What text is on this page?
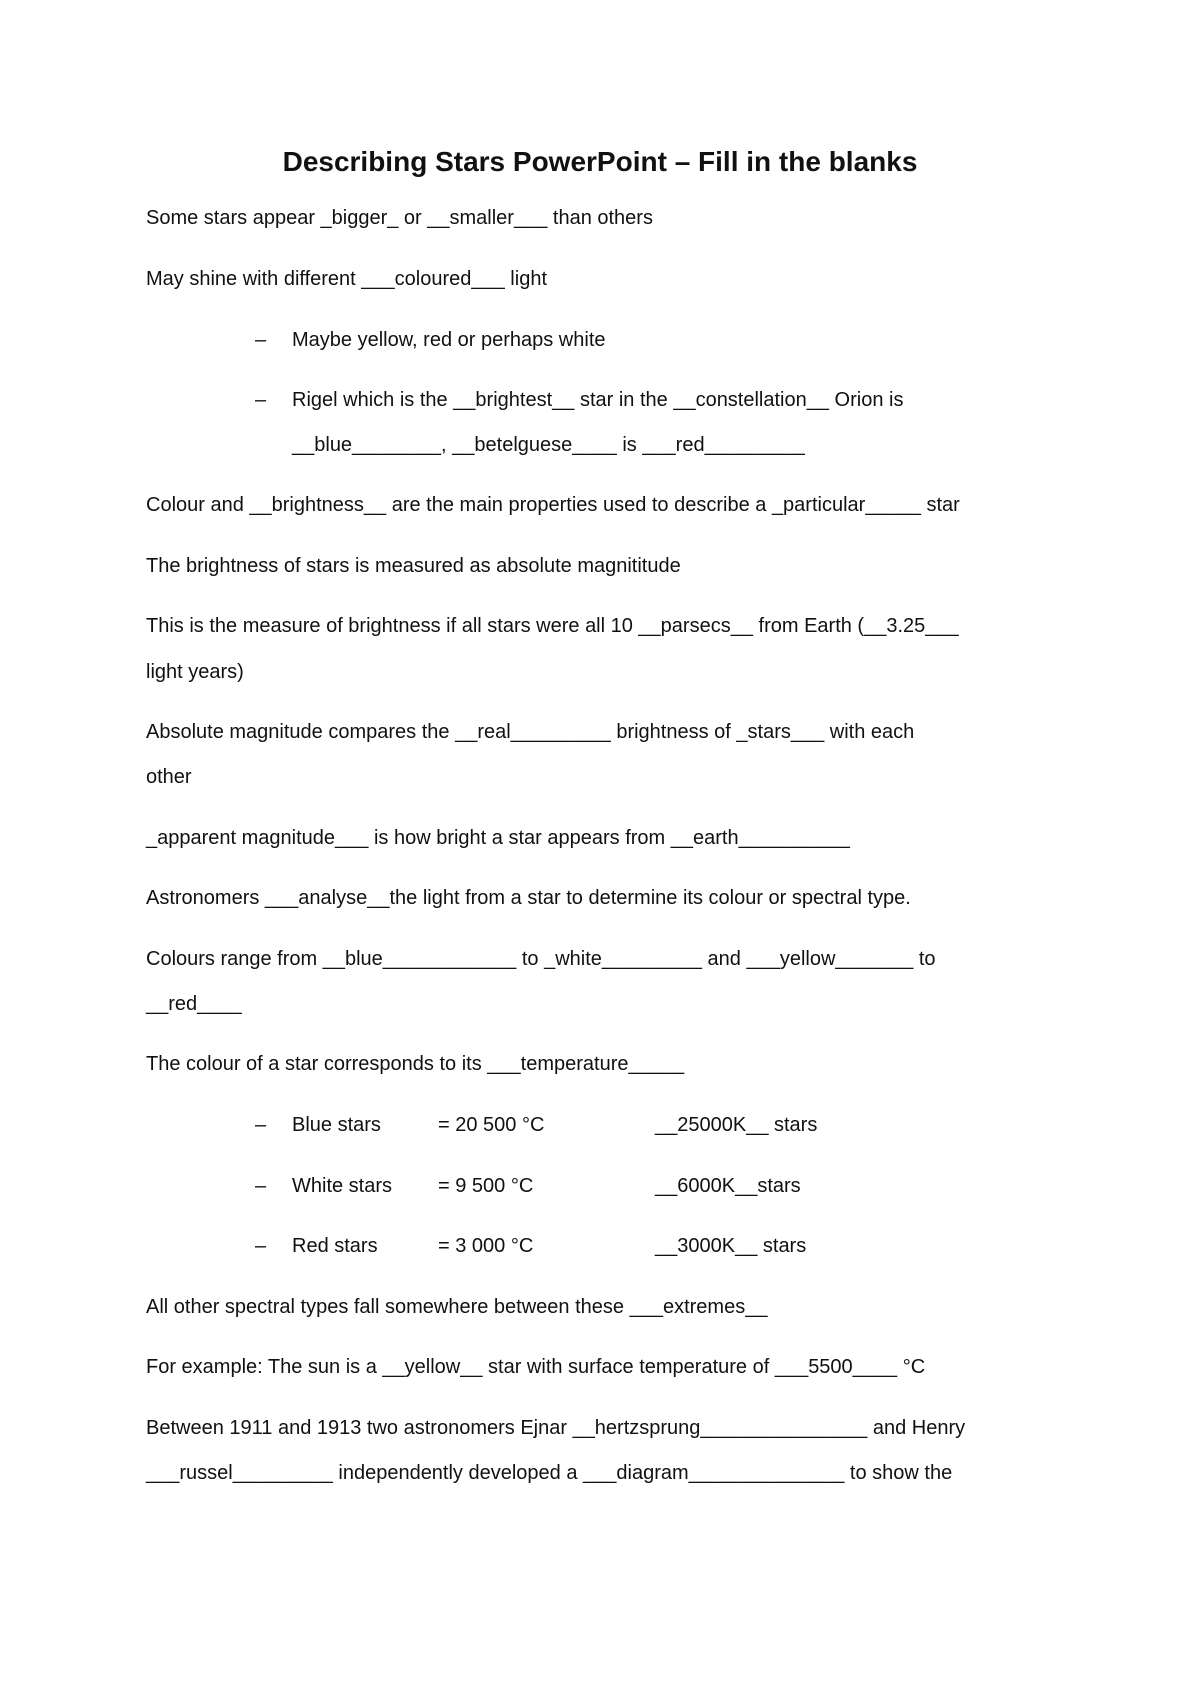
Describing Stars PowerPoint – Fill in the blanks
Some stars appear _bigger_ or __smaller___ than others
May shine with different ___coloured___ light
– Maybe yellow, red or perhaps white
– Rigel which is the __brightest__ star in the __constellation__ Orion is
__blue________, __betelguese____ is ___red_________
Colour and __brightness__ are the main properties used to describe a _particular_____ star
The brightness of stars is measured as absolute magnititude
This is the measure of brightness if all stars were all 10 __parsecs__ from Earth (__3.25___
light years)
Absolute magnitude compares the __real_________ brightness of _stars___ with each
other
_apparent magnitude___ is how bright a star appears from __earth__________
Astronomers ___analyse__the light from a star to determine its colour or spectral type.
Colours range from __blue____________ to _white_________ and ___yellow_______ to
__red____
The colour of a star corresponds to its ___temperature_____
– Blue stars	= 20 500 °C	__25000K__ stars
– White stars = 9 500 °C	__6000K__stars
– Red stars	= 3 000 °C	__3000K__ stars
All other spectral types fall somewhere between these ___extremes__
For example: The sun is a __yellow__ star with surface temperature of ___5500____ °C
Between 1911 and 1913 two astronomers Ejnar __hertzsprung_______________ and Henry
___russel_________ independently developed a ___diagram______________ to show the
